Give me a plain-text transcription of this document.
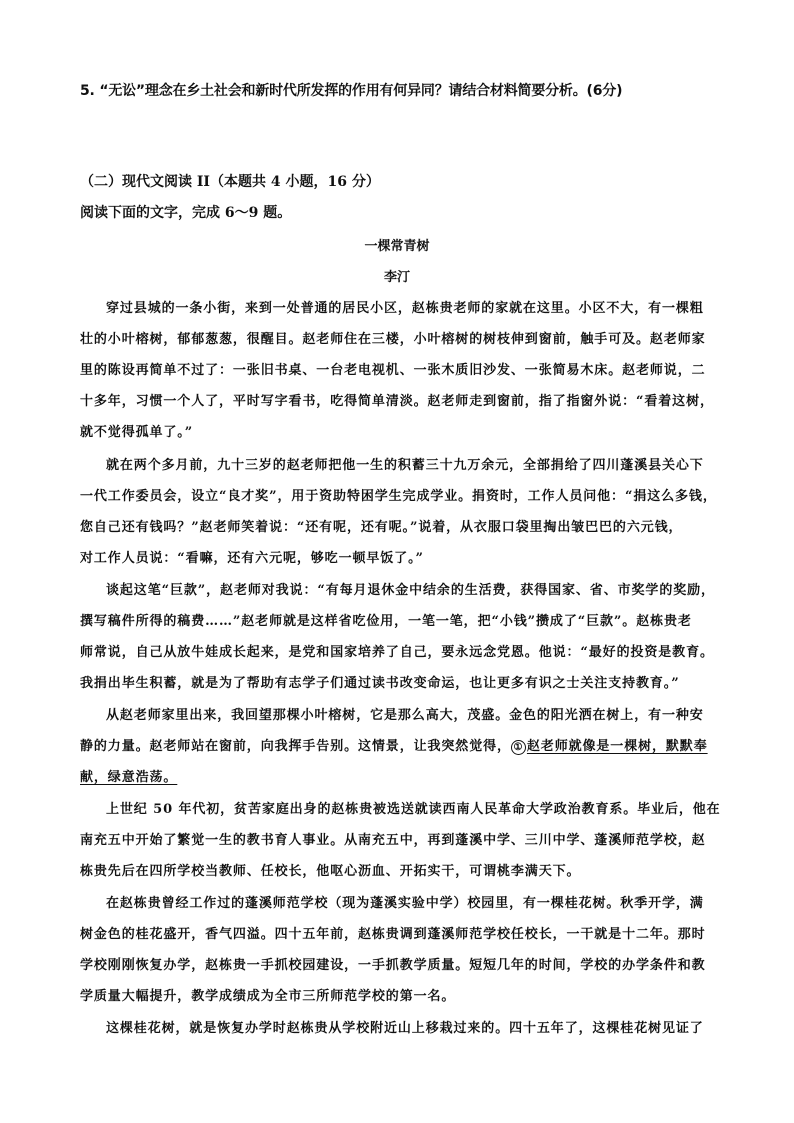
5. “无讼”理念在乡土社会和新时代所发挥的作用有何异同？请结合材料简要分析。(6分)
（二）现代文阅读 II（本题共 4 小题，16 分）
阅读下面的文字，完成 6～9 题。
一棵常青树
李汀
穿过县城的一条小街，来到一处普通的居民小区，赵栋贵老师的家就在这里。小区不大，有一棵粗
壮的小叶榕树，郁郁葱葱，很醒目。赵老师住在三楼，小叶榕树的树枝伸到窗前，触手可及。赵老师家
里的陈设再简单不过了：一张旧书桌、一台老电视机、一张木质旧沙发、一张简易木床。赵老师说，二
十多年，习惯一个人了，平时写字看书，吃得简单清淡。赵老师走到窗前，指了指窗外说：“看着这树，
就不觉得孤单了。”
就在两个多月前，九十三岁的赵老师把他一生的积蓄三十九万余元，全部捐给了四川蓬溪县关心下
一代工作委员会，设立“良才奖”，用于资助特困学生完成学业。捐资时，工作人员问他：“捐这么多钱，
您自己还有钱吗？”赵老师笑着说：“还有呢，还有呢。”说着，从衣服口袋里掏出皱巴巴的六元钱，
对工作人员说：“看嘛，还有六元呢，够吃一顿早饭了。”
谈起这笔“巨款”，赵老师对我说：“有每月退休金中结余的生活费，获得国家、省、市奖学的奖励，
撰写稿件所得的稿费……”赵老师就是这样省吃俭用，一笔一笔，把“小钱”攒成了“巨款”。赵栋贵老
师常说，自己从放牛娃成长起来，是党和国家培养了自己，要永远念党恩。他说：“最好的投资是教育。
我捐出毕生积蓄，就是为了帮助有志学子们通过读书改变命运，也让更多有识之士关注支持教育。”
从赵老师家里出来，我回望那棵小叶榕树，它是那么高大，茂盛。金色的阳光洒在树上，有一种安
静的力量。赵老师站在窗前，向我挥手告别。这情景，让我突然觉得， ① 赵老师就像是一棵树，默默奉
献，绿意浩荡。
上世纪 50 年代初，贫苦家庭出身的赵栋贵被选送就读西南人民革命大学政治教育系。毕业后，他在
南充五中开始了繁觉一生的教书育人事业。从南充五中，再到蓬溪中学、三川中学、蓬溪师范学校，赵
栋贵先后在四所学校当教师、任校长，他呕心沥血、开拓实干，可谓桃李满天下。
在赵栋贵曾经工作过的蓬溪师范学校（现为蓬溪实验中学）校园里，有一棵桂花树。秋季开学，满
树金色的桂花盛开，香气四溢。四十五年前，赵栋贵调到蓬溪师范学校任校长，一干就是十二年。那时
学校刚刚恢复办学，赵栋贵一手抓校园建设，一手抓教学质量。短短几年的时间，学校的办学条件和教
学质量大幅提升，教学成绩成为全市三所师范学校的第一名。
这棵桂花树，就是恢复办学时赵栋贵从学校附近山上移栽过来的。四十五年了，这棵桂花树见证了
